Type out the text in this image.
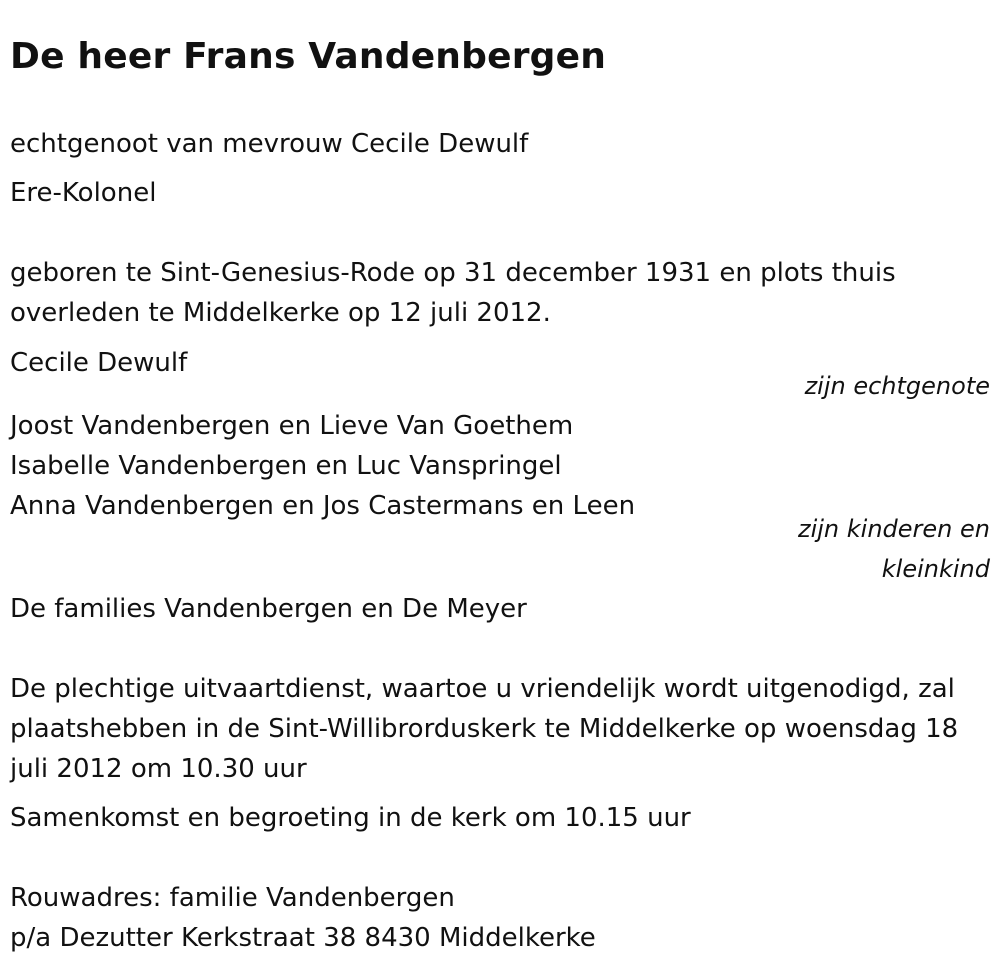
De heer Frans Vandenbergen
echtgenoot van mevrouw Cecile Dewulf
Ere-Kolonel
geboren te Sint-Genesius-Rode op 31 december 1931 en plots thuis
overleden te Middelkerke op 12 juli 2012.
Cecile Dewulf
zijn echtgenote
Joost Vandenbergen en Lieve Van Goethem
Isabelle Vandenbergen en Luc Vanspringel
Anna Vandenbergen en Jos Castermans en Leen
zijn kinderen en
kleinkind
De families Vandenbergen en De Meyer
De plechtige uitvaartdienst, waartoe u vriendelijk wordt uitgenodigd, zal
plaatshebben in de Sint-Willibrorduskerk te Middelkerke op woensdag 18
juli 2012 om 10.30 uur
Samenkomst en begroeting in de kerk om 10.15 uur
Rouwadres: familie Vandenbergen
p/a Dezutter Kerkstraat 38 8430 Middelkerke
